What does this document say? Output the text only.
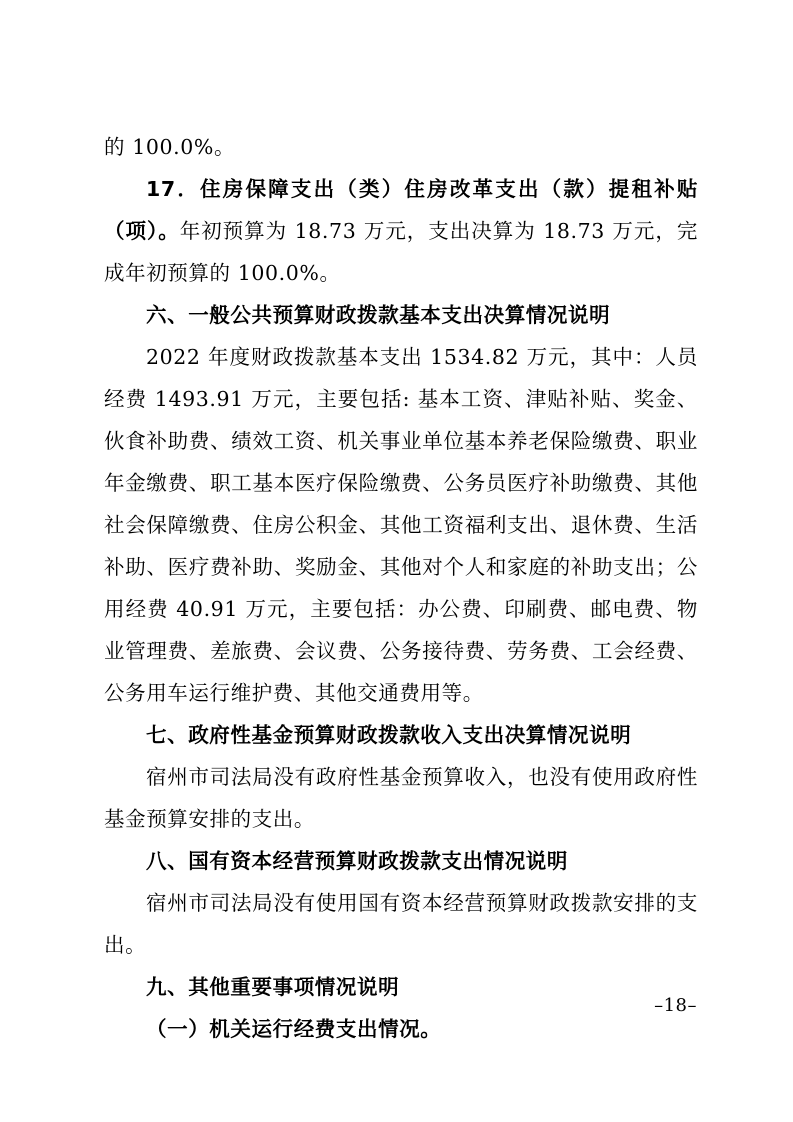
的 100.0%。

17．住房保障支出（类）住房改革支出（款）提租补贴（项）。年初预算为 18.73 万元，支出决算为 18.73 万元，完成年初预算的 100.0%。

六、一般公共预算财政拨款基本支出决算情况说明

2022 年度财政拨款基本支出 1534.82 万元，其中：人员经费 1493.91 万元，主要包括: 基本工资、津贴补贴、奖金、伙食补助费、绩效工资、机关事业单位基本养老保险缴费、职业年金缴费、职工基本医疗保险缴费、公务员医疗补助缴费、其他社会保障缴费、住房公积金、其他工资福利支出、退休费、生活补助、医疗费补助、奖励金、其他对个人和家庭的补助支出；公用经费 40.91 万元，主要包括：办公费、印刷费、邮电费、物业管理费、差旅费、会议费、公务接待费、劳务费、工会经费、公务用车运行维护费、其他交通费用等。

七、政府性基金预算财政拨款收入支出决算情况说明

宿州市司法局没有政府性基金预算收入，也没有使用政府性基金预算安排的支出。

八、国有资本经营预算财政拨款支出情况说明

宿州市司法局没有使用国有资本经营预算财政拨款安排的支出。

九、其他重要事项情况说明

（一）机关运行经费支出情况。

–18–
